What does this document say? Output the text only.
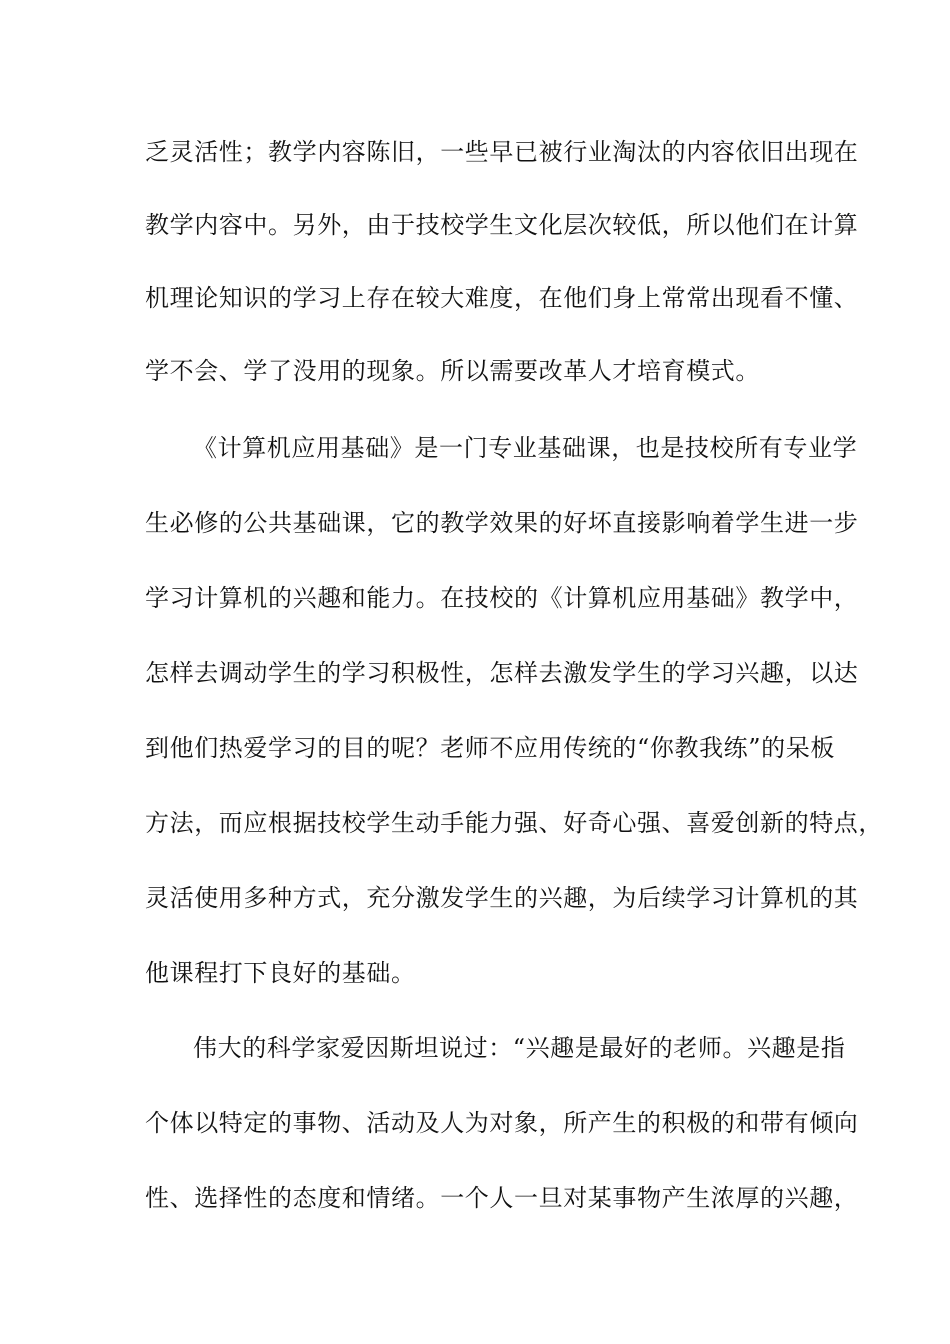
乏灵活性；教学内容陈旧，一些早已被行业淘汰的内容依旧出现在
教学内容中。另外，由于技校学生文化层次较低，所以他们在计算
机理论知识的学习上存在较大难度，在他们身上常常出现看不懂、
学不会、学了没用的现象。所以需要改革人才培育模式。
《计算机应用基础》是一门专业基础课，也是技校所有专业学
生必修的公共基础课，它的教学效果的好坏直接影响着学生进一步
学习计算机的兴趣和能力。在技校的《计算机应用基础》教学中，
怎样去调动学生的学习积极性，怎样去激发学生的学习兴趣，以达
到他们热爱学习的目的呢？老师不应用传统的“你教我练”的呆板
方法，而应根据技校学生动手能力强、好奇心强、喜爱创新的特点，
灵活使用多种方式，充分激发学生的兴趣，为后续学习计算机的其
他课程打下良好的基础。
伟大的科学家爱因斯坦说过：“兴趣是最好的老师。兴趣是指
个体以特定的事物、活动及人为对象，所产生的积极的和带有倾向
性、选择性的态度和情绪。一个人一旦对某事物产生浓厚的兴趣，
